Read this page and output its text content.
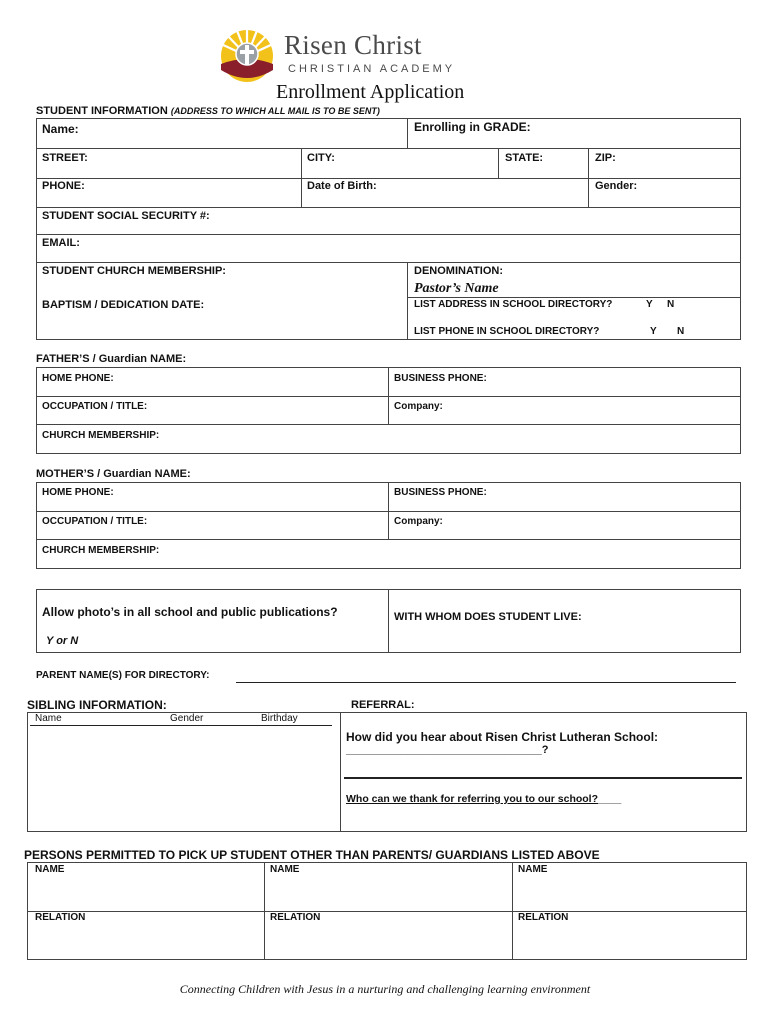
Risen Christ
CHRISTIAN ACADEMY
Enrollment Application
STUDENT INFORMATION (ADDRESS TO WHICH ALL MAIL IS TO BE SENT)
Name:	Enrolling in GRADE:
STREET:	CITY:	STATE:	ZIP:
PHONE:	Date of Birth:	Gender:
STUDENT SOCIAL SECURITY #:
EMAIL:
STUDENT CHURCH MEMBERSHIP:	DENOMINATION:
Pastor’s Name
BAPTISM / DEDICATION DATE:	LIST ADDRESS IN SCHOOL DIRECTORY?	Y N
LIST PHONE IN SCHOOL DIRECTORY?	Y N
FATHER’S / Guardian NAME:
HOME PHONE:	BUSINESS PHONE:
OCCUPATION / TITLE:	Company:
CHURCH MEMBERSHIP:
MOTHER’S / Guardian NAME:
HOME PHONE:	BUSINESS PHONE:
OCCUPATION / TITLE:	Company:
CHURCH MEMBERSHIP:
Allow photo’s in all school and public publications?
Y or N
WITH WHOM DOES STUDENT LIVE:
PARENT NAME(S) FOR DIRECTORY:
SIBLING INFORMATION:	REFERRAL:
Name	Gender	Birthday
How did you hear about Risen Christ Lutheran School:
________________________________?
Who can we thank for referring you to our school?____
PERSONS PERMITTED TO PICK UP STUDENT OTHER THAN PARENTS/ GUARDIANS LISTED ABOVE
NAME	NAME	NAME
RELATION	RELATION	RELATION
Connecting Children with Jesus in a nurturing and challenging learning environment
